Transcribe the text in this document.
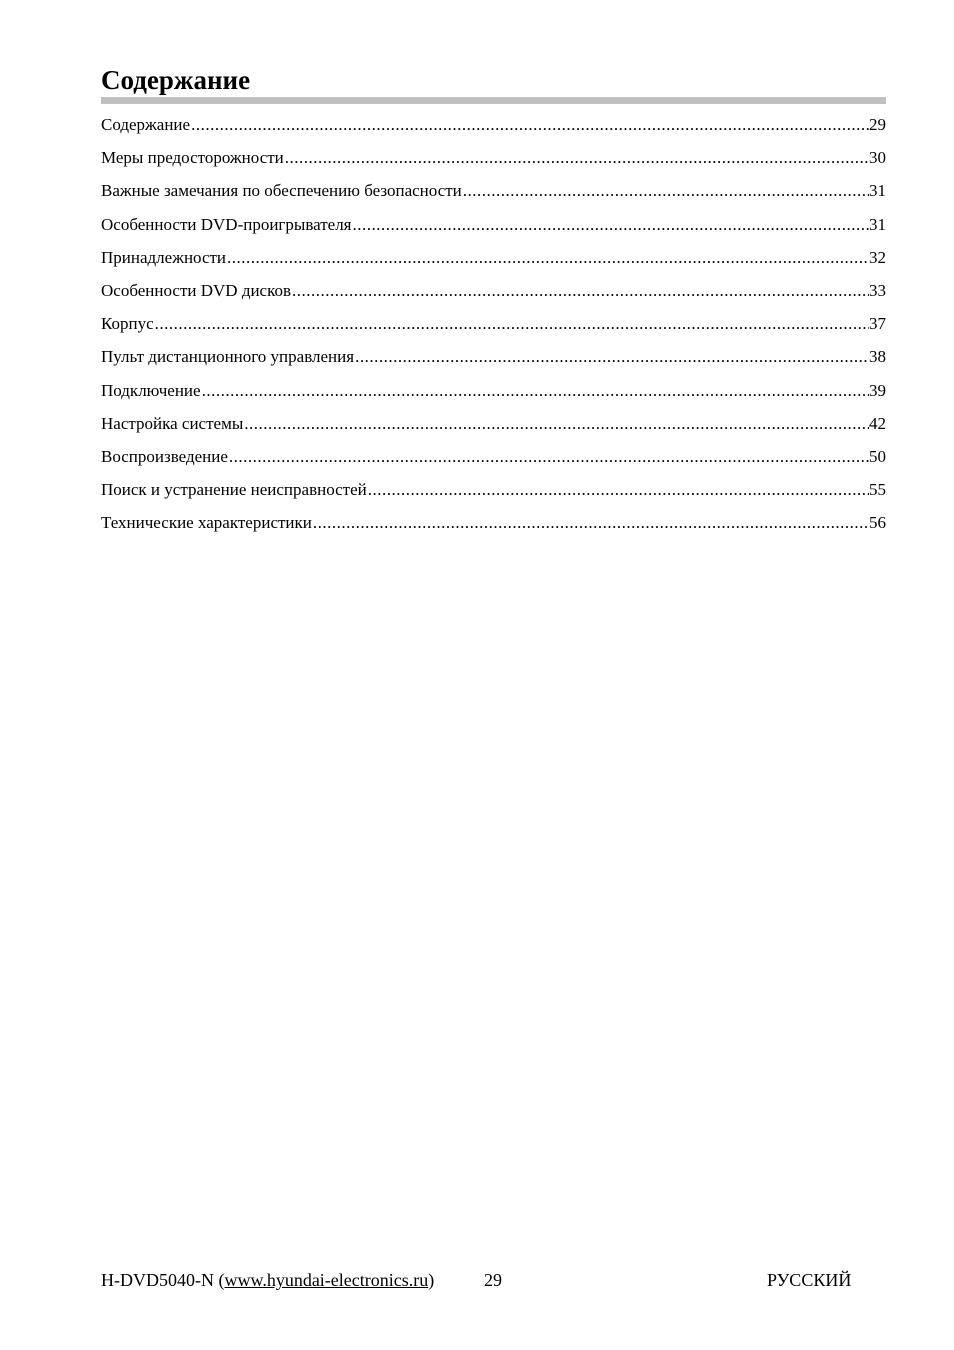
Содержание
Содержание .....	29
Меры предосторожности .....	30
Важные замечания по обеспечению безопасности .....	31
Особенности DVD-проигрывателя .....	31
Принадлежности .....	32
Особенности DVD дисков .....	33
Корпус .....	37
Пульт дистанционного управления .....	38
Подключение .....	39
Настройка системы .....	42
Воспроизведение .....	50
Поиск и устранение неисправностей .....	55
Технические характеристики .....	56
H-DVD5040-N (www.hyundai-electronics.ru)	29	РУССКИЙ
